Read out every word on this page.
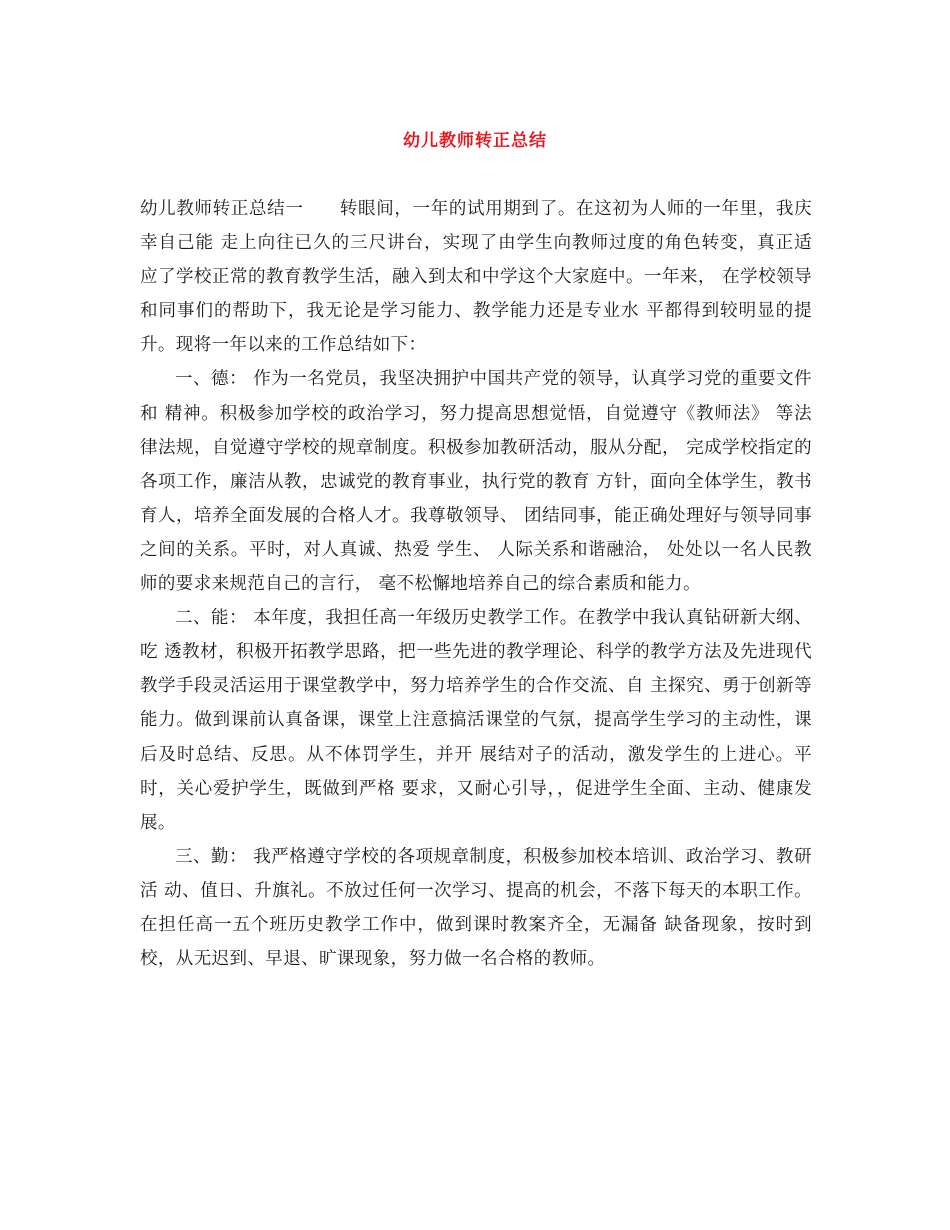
幼儿教师转正总结

幼儿教师转正总结一　　转眼间，一年的试用期到了。在这初为人师的一年里，我庆幸自己能 走上向往已久的三尺讲台，实现了由学生向教师过度的角色转变，真正适 应了学校正常的教育教学生活，融入到太和中学这个大家庭中。一年来， 在学校领导和同事们的帮助下，我无论是学习能力、教学能力还是专业水 平都得到较明显的提升。现将一年以来的工作总结如下：

一、德： 作为一名党员，我坚决拥护中国共产党的领导，认真学习党的重要文件和 精神。积极参加学校的政治学习，努力提高思想觉悟，自觉遵守《教师法》 等法律法规，自觉遵守学校的规章制度。积极参加教研活动，服从分配， 完成学校指定的各项工作，廉洁从教，忠诚党的教育事业，执行党的教育 方针，面向全体学生，教书育人，培养全面发展的合格人才。我尊敬领导、 团结同事，能正确处理好与领导同事之间的关系。平时，对人真诚、热爱 学生、 人际关系和谐融洽， 处处以一名人民教师的要求来规范自己的言行， 毫不松懈地培养自己的综合素质和能力。

二、能： 本年度，我担任高一年级历史教学工作。在教学中我认真钻研新大纲、吃 透教材，积极开拓教学思路，把一些先进的教学理论、科学的教学方法及先进现代教学手段灵活运用于课堂教学中，努力培养学生的合作交流、自 主探究、勇于创新等能力。做到课前认真备课，课堂上注意搞活课堂的气氛，提高学生学习的主动性，课后及时总结、反思。从不体罚学生，并开 展结对子的活动，激发学生的上进心。平时，关心爱护学生，既做到严格 要求，又耐心引导，，促进学生全面、主动、健康发展。

三、勤： 我严格遵守学校的各项规章制度，积极参加校本培训、政治学习、教研活 动、值日、升旗礼。不放过任何一次学习、提高的机会，不落下每天的本职工作。在担任高一五个班历史教学工作中，做到课时教案齐全，无漏备 缺备现象，按时到校，从无迟到、早退、旷课现象，努力做一名合格的教师。
